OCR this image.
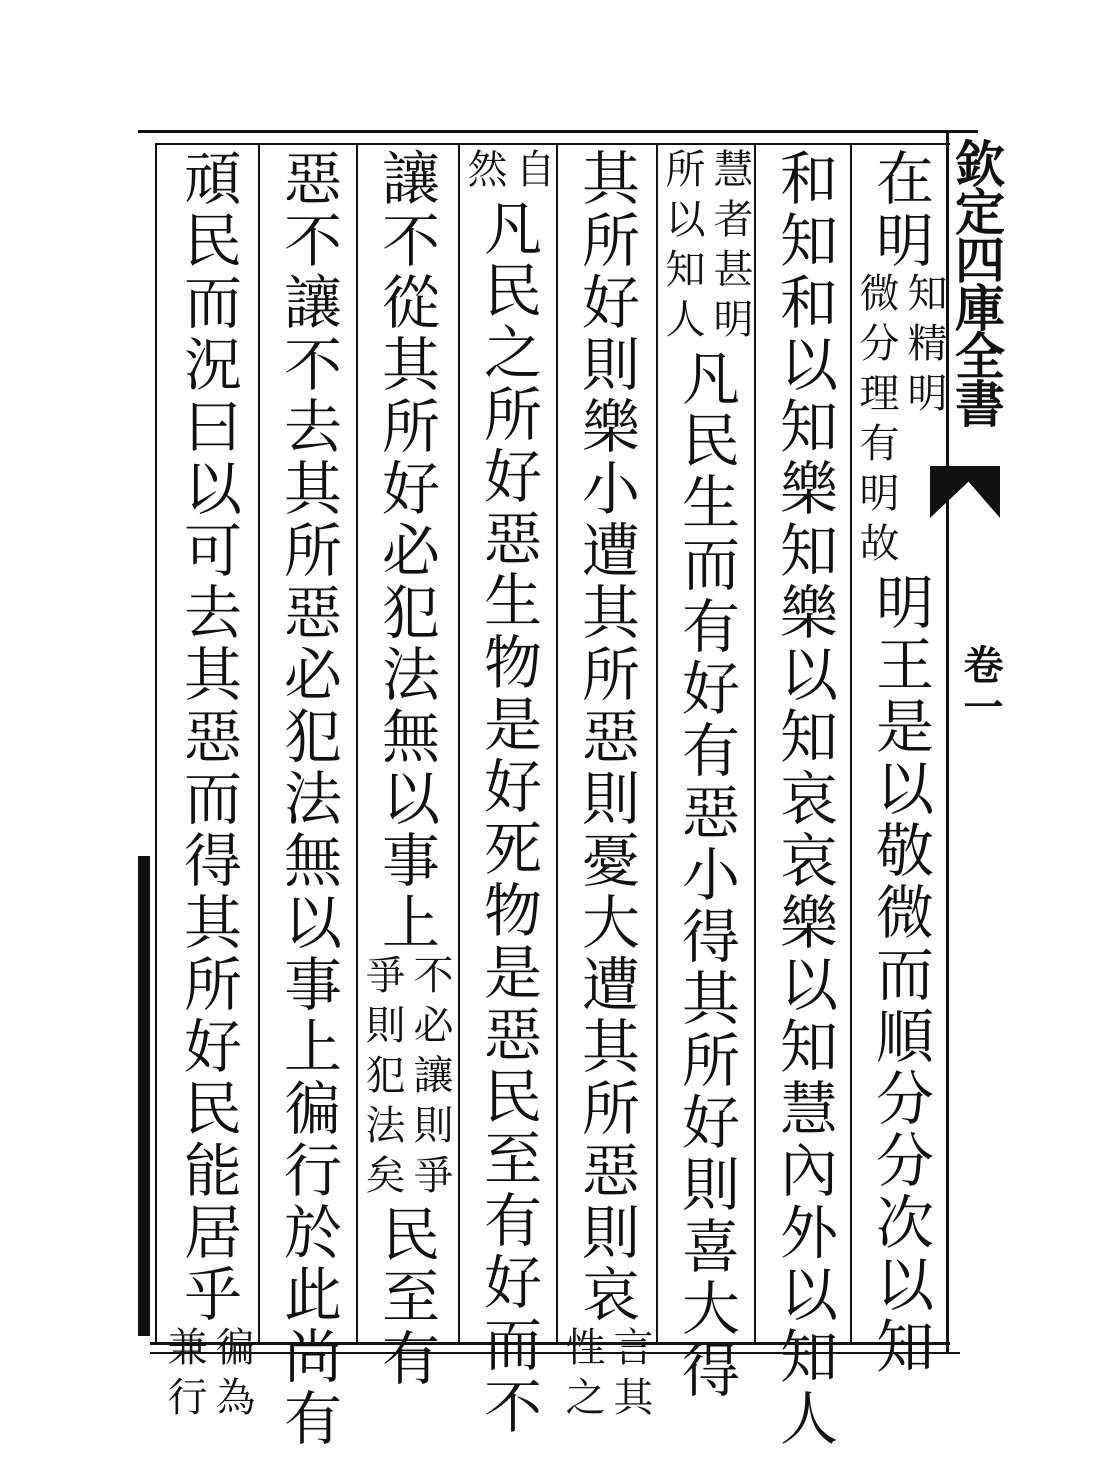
欽定四庫全書
卷一
在明
知精明
微分理有明故
明王是以敬微而順分分次以知
和知和以知樂知樂以知哀哀樂以知慧內外以知人
慧者甚明
所以知人
凡民生而有好有惡小得其所好則喜大得
其所好則樂小遭其所惡則憂大遭其所惡則哀
言其
性之
自
然
凡民之所好惡生物是好死物是惡民至有好而不
讓不從其所好必犯法無以事上
不必讓則爭
爭則犯法矣
民至有
惡不讓不去其所惡必犯法無以事上徧行於此尚有
頑民而況曰以可去其惡而得其所好民能居乎
徧為
兼行
